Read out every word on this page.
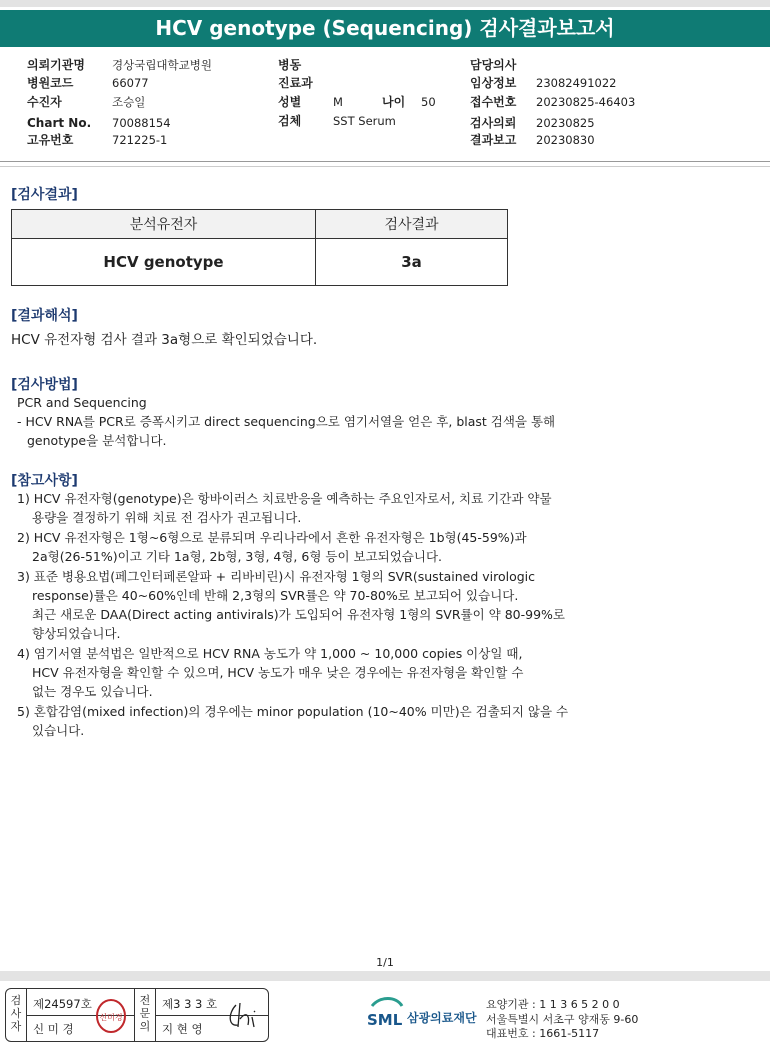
HCV genotype (Sequencing) 검사결과보고서
의뢰기관명 경상국립대학교병원
병원코드	66077
수진자	조승일
Chart No. 70088154
고유번호	721225-1
병동
진료과
성별	M	나이 50
검체	SST Serum
담당의사
임상정보 23082491022
접수번호 20230825-46403
검사의뢰 20230825
결과보고 20230830
[검사결과]
분석유전자	검사결과
HCV genotype	3a
[결과해석]
HCV 유전자형 검사 결과 3a형으로 확인되었습니다.
[검사방법]
PCR and Sequencing
- HCV RNA를 PCR로 증폭시키고 direct sequencing으로 염기서열을 얻은 후, blast 검색을 통해
genotype을 분석합니다.
[참고사항]
1) HCV 유전자형(genotype)은 항바이러스 치료반응을 예측하는 주요인자로서, 치료 기간과 약물
용량을 결정하기 위해 치료 전 검사가 권고됩니다.
2) HCV 유전자형은 1형~6형으로 분류되며 우리나라에서 흔한 유전자형은 1b형(45-59%)과
2a형(26-51%)이고 기타 1a형, 2b형, 3형, 4형, 6형 등이 보고되었습니다.
3) 표준 병용요법(페그인터페론알파 + 리바비린)시 유전자형 1형의 SVR(sustained virologic
response)률은 40~60%인데 반해 2,3형의 SVR률은 약 70-80%로 보고되어 있습니다.
최근 새로운 DAA(Direct acting antivirals)가 도입되어 유전자형 1형의 SVR률이 약 80-99%로
향상되었습니다.
4) 염기서열 분석법은 일반적으로 HCV RNA 농도가 약 1,000 ~ 10,000 copies 이상일 때,
HCV 유전자형을 확인할 수 있으며, HCV 농도가 매우 낮은 경우에는 유전자형을 확인할 수
없는 경우도 있습니다.
5) 혼합감염(mixed infection)의 경우에는 minor population (10~40% 미만)은 검출되지 않을 수
있습니다.
1/1
검사자
제24597호
신 미 경
신미경
전문의
제3 3 3 호
지 현 영	SML 삼광의료재단
요양기관 : 1 1 3 6 5 2 0 0
서울특별시 서초구 양재동 9-60
대표번호 : 1661-5117
